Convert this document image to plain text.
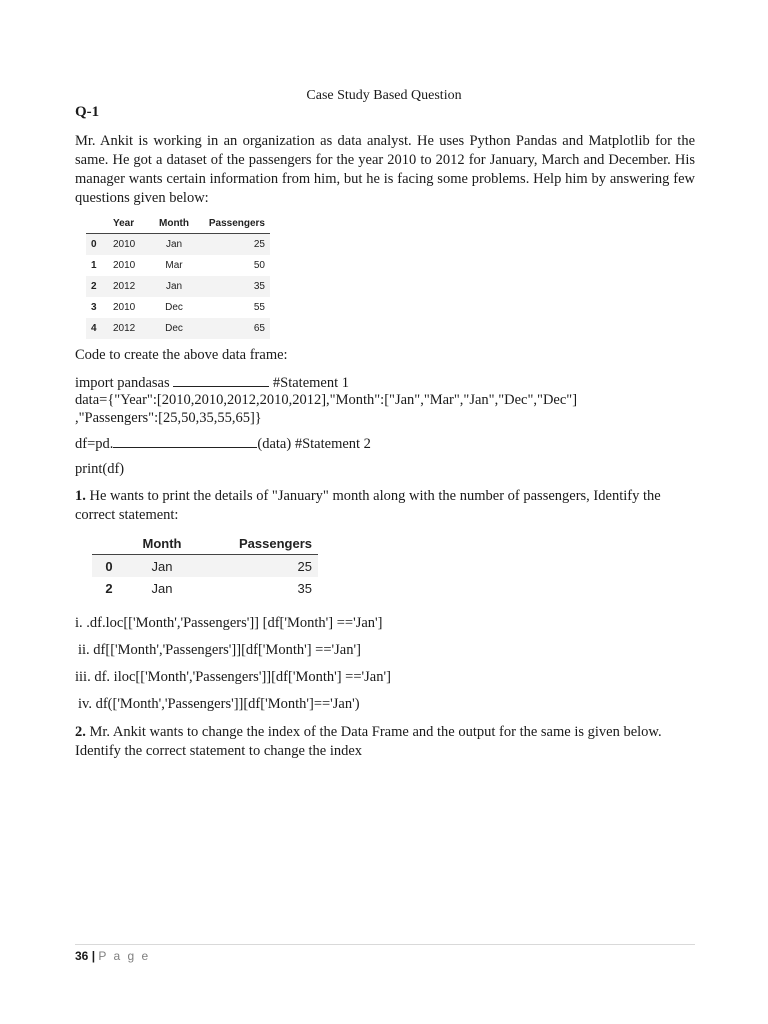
Case Study Based Question
Q-1
Mr. Ankit is working in an organization as data analyst. He uses Python Pandas and Matplotlib for the same. He got a dataset of the passengers for the year 2010 to 2012 for January, March and December. His manager wants certain information from him, but he is facing some problems. Help him by answering few questions given below:
	Year	Month	Passengers
0	2010	Jan	25
1	2010	Mar	50
2	2012	Jan	35
3	2010	Dec	55
4	2012	Dec	65
Code to create the above data frame:
import pandasas	#Statement 1
data={"Year":[2010,2010,2012,2010,2012],"Month":["Jan","Mar","Jan","Dec","Dec"]
,"Passengers":[25,50,35,55,65]}
df=pd.	(data) #Statement 2
print(df)
1. He wants to print the details of "January" month along with the number of passengers, Identify the correct statement:
	Month	Passengers
0	Jan	25
2	Jan	35
i. .df.loc[['Month','Passengers']] [df['Month'] =='Jan']
ii. df[['Month','Passengers']][df['Month'] =='Jan']
iii. df. iloc[['Month','Passengers']][df['Month'] =='Jan']
iv. df(['Month','Passengers']][df['Month']=='Jan')
2. Mr. Ankit wants to change the index of the Data Frame and the output for the same is given below. Identify the correct statement to change the index
36 | P a g e
